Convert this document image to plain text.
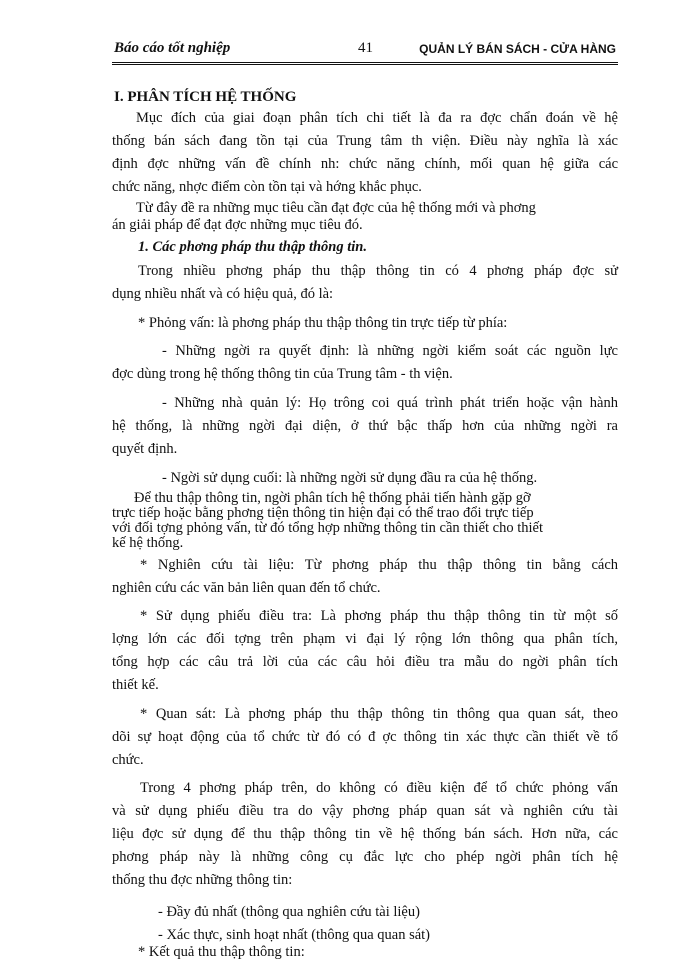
Báo cáo tốt nghiệp	41	QUẢN LÝ BÁN SÁCH - CỬA HÀNG
I. PHÂN TÍCH HỆ THỐNG
Mục đích của giai đoạn phân tích chi tiết là đa ra đợc chẩn đoán về hệ
thống bán sách đang tồn tại của Trung tâm th viện. Điều này nghĩa là xác
định đợc những vấn đề chính nh: chức năng chính, mối quan hệ giữa các
chức năng, nhợc điểm còn tồn tại và hớng khắc phục.
Từ đây đề ra những mục tiêu cần đạt đợc của hệ thống mới và phơng
án giải pháp để đạt đợc những mục tiêu đó.
1. Các phơng pháp thu thập thông tin.
Trong nhiều phơng pháp thu thập thông tin có 4 phơng pháp đợc sử
dụng nhiều nhất và có hiệu quả, đó là:
* Phỏng vấn: là phơng pháp thu thập thông tin trực tiếp từ phía:
- Những ngời ra quyết định: là những ngời kiểm soát các nguồn lực
đợc dùng trong hệ thống thông tin của Trung tâm - th viện.
- Những nhà quản lý: Họ trông coi quá trình phát triển hoặc vận hành
hệ thống, là những ngời đại diện, ở thứ bậc thấp hơn của những ngời ra
quyết định.
- Ngời sử dụng cuối: là những ngời sử dụng đầu ra của hệ thống.
Để thu thập thông tin, ngời phân tích hệ thống phải tiến hành gặp gỡ
trực tiếp hoặc bằng phơng tiện thông tin hiện đại có thể trao đổi trực tiếp
với đối tợng phỏng vấn, từ đó tổng hợp những thông tin cần thiết cho thiết
kế hệ thống.
* Nghiên cứu tài liệu: Từ phơng pháp thu thập thông tin bằng cách
nghiên cứu các văn bản liên quan đến tổ chức.
* Sử dụng phiếu điều tra: Là phơng pháp thu thập thông tin từ một số
lợng lớn các đối tợng trên phạm vi đại lý rộng lớn thông qua phân tích,
tổng hợp các câu trả lời của các câu hỏi điều tra mẫu do ngời phân tích
thiết kế.
* Quan sát: Là phơng pháp thu thập thông tin thông qua quan sát, theo
dõi sự hoạt động của tổ chức từ đó có đ ợc thông tin xác thực cần thiết về tổ
chức.
Trong 4 phơng pháp trên, do không có điều kiện để tổ chức phỏng vấn
và sử dụng phiếu điều tra do vậy phơng pháp quan sát và nghiên cứu tài
liệu đợc sử dụng để thu thập thông tin về hệ thống bán sách. Hơn nữa, các
phơng pháp này là những công cụ đắc lực cho phép ngời phân tích hệ
thống thu đợc những thông tin:
- Đầy đủ nhất (thông qua nghiên cứu tài liệu)
- Xác thực, sinh hoạt nhất (thông qua quan sát)
* Kết quả thu thập thông tin:
